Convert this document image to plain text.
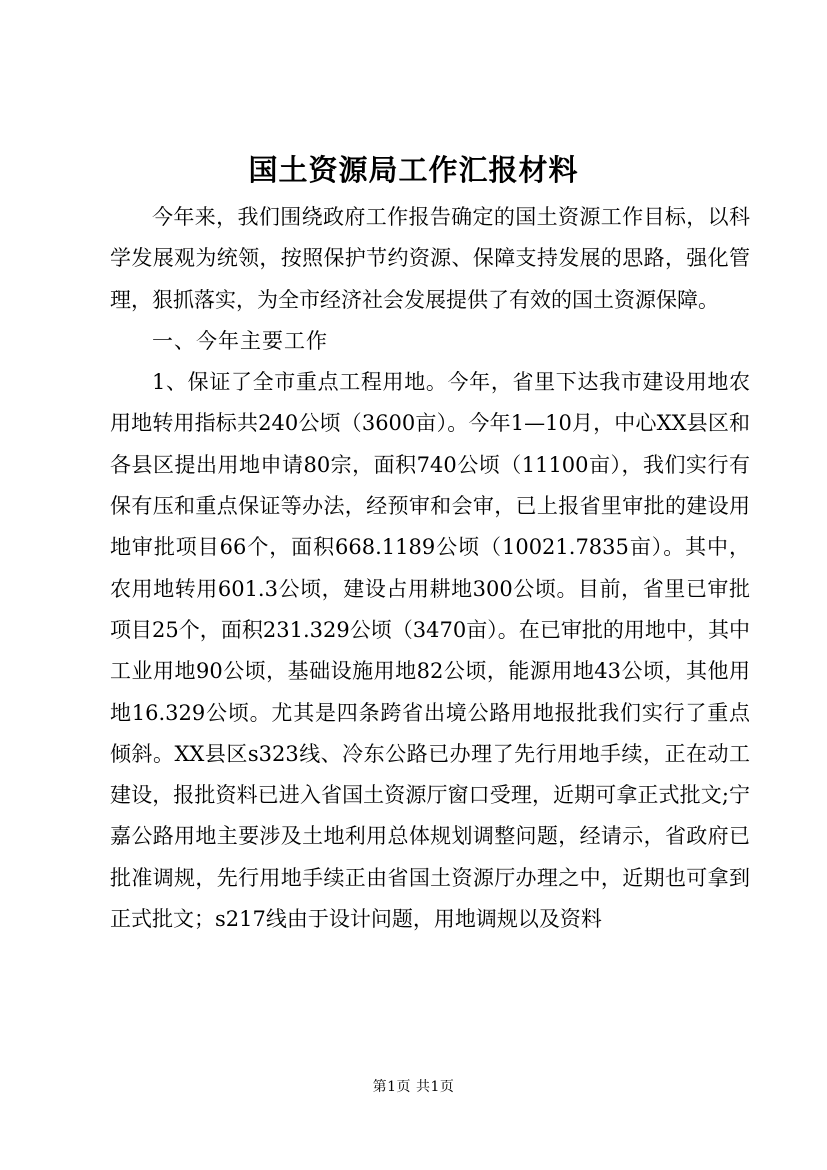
国土资源局工作汇报材料

今年来，我们围绕政府工作报告确定的国土资源工作目标，以科学发展观为统领，按照保护节约资源、保障支持发展的思路，强化管理，狠抓落实，为全市经济社会发展提供了有效的国土资源保障。

一、今年主要工作

1、保证了全市重点工程用地。今年，省里下达我市建设用地农用地转用指标共240公顷（3600亩）。今年1—10月，中心XX县区和各县区提出用地申请80宗，面积740公顷（11100亩），我们实行有保有压和重点保证等办法，经预审和会审，已上报省里审批的建设用地审批项目66个，面积668.1189公顷（10021.7835亩）。其中，农用地转用601.3公顷，建设占用耕地300公顷。目前，省里已审批项目25个，面积231.329公顷（3470亩）。在已审批的用地中，其中工业用地90公顷，基础设施用地82公顷，能源用地43公顷，其他用地16.329公顷。尤其是四条跨省出境公路用地报批我们实行了重点倾斜。XX县区s323线、冷东公路已办理了先行用地手续，正在动工建设，报批资料已进入省国土资源厅窗口受理，近期可拿正式批文;宁嘉公路用地主要涉及土地利用总体规划调整问题，经请示，省政府已批准调规，先行用地手续正由省国土资源厅办理之中，近期也可拿到正式批文；s217线由于设计问题，用地调规以及资料

第1页 共1页
